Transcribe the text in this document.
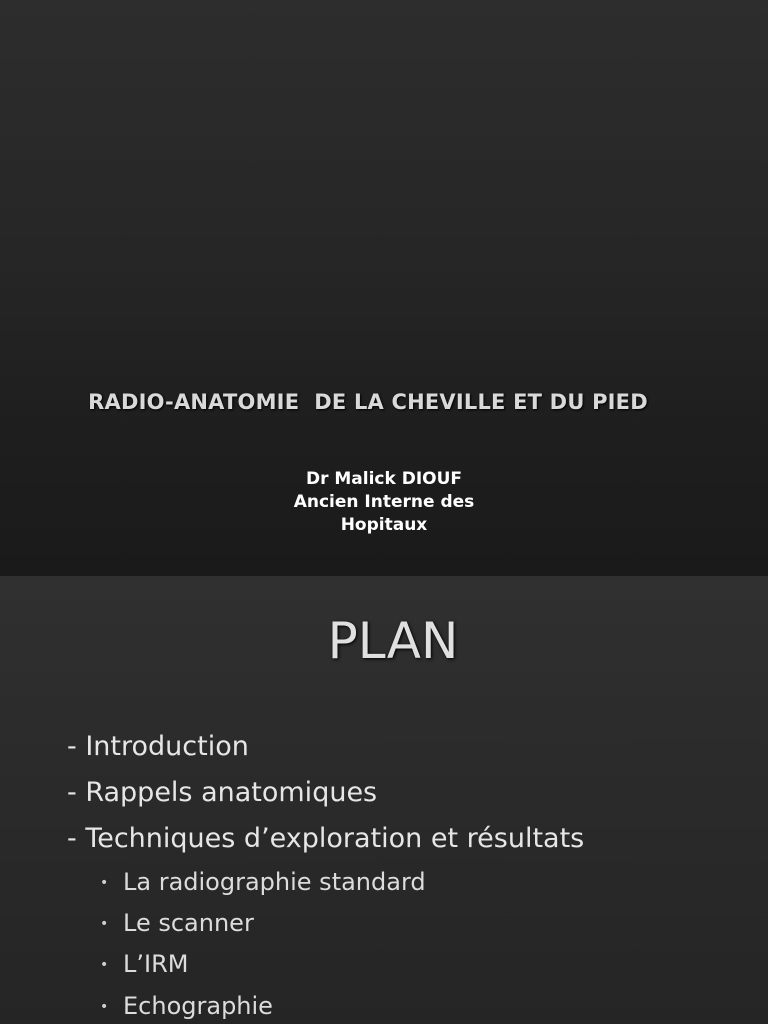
RADIO-ANATOMIE  DE LA CHEVILLE ET DU PIED
Dr Malick DIOUF
Ancien Interne des
Hopitaux
PLAN
- Introduction
- Rappels anatomiques
- Techniques d’exploration et résultats
• La radiographie standard
• Le scanner
• L’IRM
• Echographie
